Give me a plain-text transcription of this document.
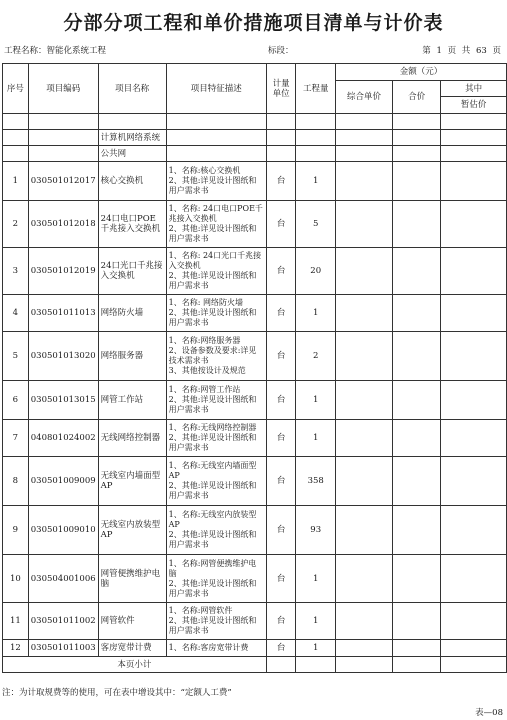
分部分项工程和单价措施项目清单与计价表
工程名称：智能化系统工程	标段：	第 1 页 共 63 页
序号	项目编码	项目名称	项目特征描述	计量单位	工程量	金额（元）		
						综合单价	合价	其中
								暂估价

		计算机网络系统						
		公共网						
1	030501012017	核心交换机	1、名称:核心交换机
2、其他:详见设计图纸和用户需求书	台	1			
2	030501012018	24口电口POE千兆接入交换机	1、名称: 24口电口POE千兆接入交换机
2、其他:详见设计图纸和用户需求书	台	5			
3	030501012019	24口光口千兆接入交换机	1、名称: 24口光口千兆接入交换机
2、其他:详见设计图纸和用户需求书	台	20			
4	030501011013	网络防火墙	1、名称: 网络防火墙
2、其他:详见设计图纸和用户需求书	台	1			
5	030501013020	网络服务器	1、名称:网络服务器
2、设备参数及要求:详见技术需求书
3、其他按设计及规范	台	2			
6	030501013015	网管工作站	1、名称:网管工作站
2、其他:详见设计图纸和用户需求书	台	1			
7	040801024002	无线网络控制器	1、名称:无线网络控制器
2、其他:详见设计图纸和用户需求书	台	1			
8	030501009009	无线室内墙面型AP	1、名称:无线室内墙面型AP
2、其他:详见设计图纸和用户需求书	台	358			
9	030501009010	无线室内放装型AP	1、名称:无线室内放装型AP
2、其他:详见设计图纸和用户需求书	台	93			
10	030504001006	网管便携维护电脑	1、名称:网管便携维护电脑
2、其他:详见设计图纸和用户需求书	台	1			
11	030501011002	网管软件	1、名称:网管软件
2、其他:详见设计图纸和用户需求书	台	1			
12	030501011003	客房宽带计费	1、名称:客房宽带计费	台	1			
本页小计								
注：为计取规费等的使用，可在表中增设其中：“定额人工费”
表—08
